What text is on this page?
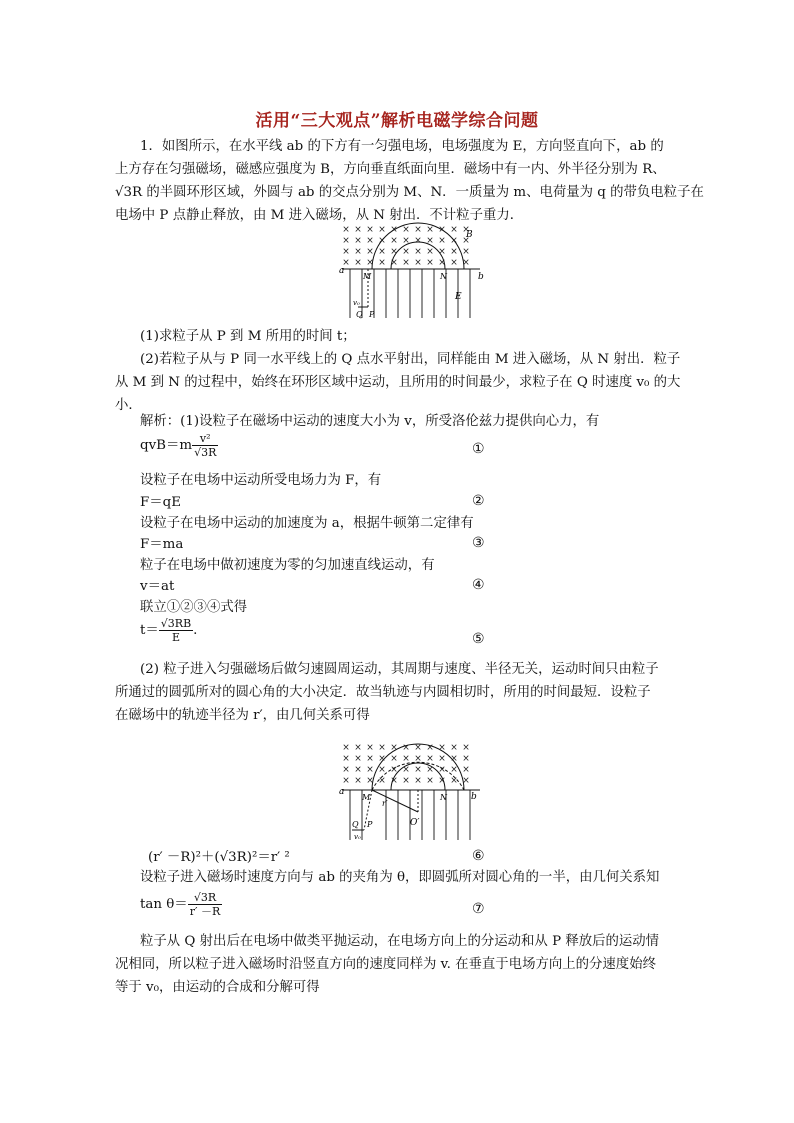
活用“三大观点”解析电磁学综合问题
1．如图所示，在水平线 ab 的下方有一匀强电场，电场强度为 E，方向竖直向下，ab 的
上方存在匀强磁场，磁感应强度为 B，方向垂直纸面向里．磁场中有一内、外半径分别为 R、
√3R 的半圆环形区域，外圆与 ab 的交点分别为 M、N．一质量为 m、电荷量为 q 的带负电粒子在
电场中 P 点静止释放，由 M 进入磁场，从 N 射出．不计粒子重力．
× × × × × × × × × × ×
a
b
B
M	N
E
v₀
Q P
(1)求粒子从 P 到 M 所用的时间 t；
(2)若粒子从与 P 同一水平线上的 Q 点水平射出，同样能由 M 进入磁场，从 N 射出．粒子
从 M 到 N 的过程中，始终在环形区域中运动，且所用的时间最少，求粒子在 Q 时速度 v₀ 的大
小．
解析：(1)设粒子在磁场中运动的速度大小为 v，所受洛伦兹力提供向心力，有
$qvB=m \frac{\text{v²}}{√3R}$	①
设粒子在电场中运动所受电场力为 F，有
F＝qE	②
设粒子在电场中运动的加速度为 a，根据牛顿第二定律有
F＝ma	③
粒子在电场中做初速度为零的匀加速直线运动，有
v＝at	④
联立①②③④式得
$t= \frac{√3RB}{E}$ .
⑤
(2) 粒子进入匀强磁场后做匀速圆周运动，其周期与速度、半径无关，运动时间只由粒子
所通过的圆弧所对的圆心角的大小决定．故当轨迹与内圆相切时，所用的时间最短．设粒子
在磁场中的轨迹半径为 r′，由几何关系可得
× × × × × × × × × × ×
a	b
M	N
r′
O′
Q P
v₀
(r′ －R)²＋(√3R)²＝r′ ²	⑥
设粒子进入磁场时速度方向与 ab 的夹角为 θ，即圆弧所对圆心角的一半，由几何关系知
$\tan \theta= \frac{√3R}{r' -R}$	⑦
粒子从 Q 射出后在电场中做类平抛运动，在电场方向上的分运动和从 P 释放后的运动情
况相同，所以粒子进入磁场时沿竖直方向的速度同样为 v. 在垂直于电场方向上的分速度始终
等于 v₀，由运动的合成和分解可得
